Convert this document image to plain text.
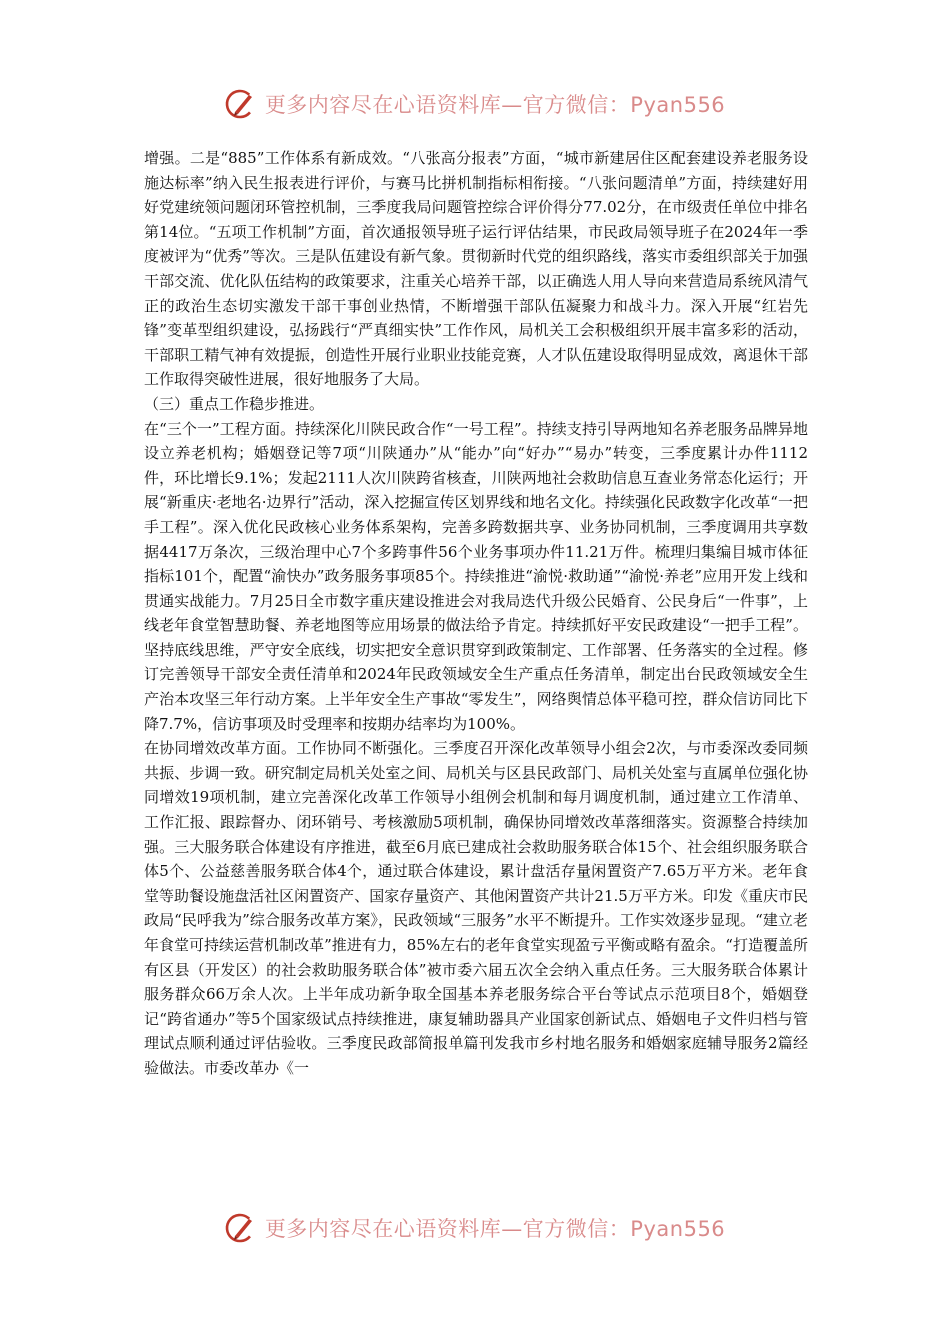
更多内容尽在心语资料库—官方微信：Pyan556

增强。二是“885”工作体系有新成效。“八张高分报表”方面，“城市新建居住区配套建设养老服务设施达标率”纳入民生报表进行评价，与赛马比拼机制指标相衔接。“八张问题清单”方面，持续建好用好党建统领问题闭环管控机制，三季度我局问题管控综合评价得分77.02分，在市级责任单位中排名第14位。“五项工作机制”方面，首次通报领导班子运行评估结果，市民政局领导班子在2024年一季度被评为“优秀”等次。三是队伍建设有新气象。贯彻新时代党的组织路线，落实市委组织部关于加强干部交流、优化队伍结构的政策要求，注重关心培养干部，以正确选人用人导向来营造局系统风清气正的政治生态切实激发干部干事创业热情，不断增强干部队伍凝聚力和战斗力。深入开展“红岩先锋”变革型组织建设，弘扬践行“严真细实快”工作作风，局机关工会积极组织开展丰富多彩的活动，干部职工精气神有效提振，创造性开展行业职业技能竞赛，人才队伍建设取得明显成效，离退休干部工作取得突破性进展，很好地服务了大局。

（三）重点工作稳步推进。

在“三个一”工程方面。持续深化川陕民政合作“一号工程”。持续支持引导两地知名养老服务品牌异地设立养老机构；婚姻登记等7项“川陕通办”从“能办”向“好办”“易办”转变，三季度累计办件1112件，环比增长9.1%；发起2111人次川陕跨省核查，川陕两地社会救助信息互查业务常态化运行；开展“新重庆·老地名·边界行”活动，深入挖掘宣传区划界线和地名文化。持续强化民政数字化改革“一把手工程”。深入优化民政核心业务体系架构，完善多跨数据共享、业务协同机制，三季度调用共享数据4417万条次，三级治理中心7个多跨事件56个业务事项办件11.21万件。梳理归集编目城市体征指标101个，配置“渝快办”政务服务事项85个。持续推进“渝悦·救助通”“渝悦·养老”应用开发上线和贯通实战能力。7月25日全市数字重庆建设推进会对我局迭代升级公民婚育、公民身后“一件事”，上线老年食堂智慧助餐、养老地图等应用场景的做法给予肯定。持续抓好平安民政建设“一把手工程”。坚持底线思维，严守安全底线，切实把安全意识贯穿到政策制定、工作部署、任务落实的全过程。修订完善领导干部安全责任清单和2024年民政领域安全生产重点任务清单，制定出台民政领域安全生产治本攻坚三年行动方案。上半年安全生产事故“零发生”，网络舆情总体平稳可控，群众信访同比下降7.7%，信访事项及时受理率和按期办结率均为100%。

在协同增效改革方面。工作协同不断强化。三季度召开深化改革领导小组会2次，与市委深改委同频共振、步调一致。研究制定局机关处室之间、局机关与区县民政部门、局机关处室与直属单位强化协同增效19项机制，建立完善深化改革工作领导小组例会机制和每月调度机制，通过建立工作清单、工作汇报、跟踪督办、闭环销号、考核激励5项机制，确保协同增效改革落细落实。资源整合持续加强。三大服务联合体建设有序推进，截至6月底已建成社会救助服务联合体15个、社会组织服务联合体5个、公益慈善服务联合体4个，通过联合体建设，累计盘活存量闲置资产7.65万平方米。老年食堂等助餐设施盘活社区闲置资产、国家存量资产、其他闲置资产共计21.5万平方米。印发《重庆市民政局“民呼我为”综合服务改革方案》，民政领域“三服务”水平不断提升。工作实效逐步显现。“建立老年食堂可持续运营机制改革”推进有力，85%左右的老年食堂实现盈亏平衡或略有盈余。“打造覆盖所有区县（开发区）的社会救助服务联合体”被市委六届五次全会纳入重点任务。三大服务联合体累计服务群众66万余人次。上半年成功新争取全国基本养老服务综合平台等试点示范项目8个，婚姻登记“跨省通办”等5个国家级试点持续推进，康复辅助器具产业国家创新试点、婚姻电子文件归档与管理试点顺利通过评估验收。三季度民政部简报单篇刊发我市乡村地名服务和婚姻家庭辅导服务2篇经验做法。市委改革办《一

更多内容尽在心语资料库—官方微信：Pyan556
